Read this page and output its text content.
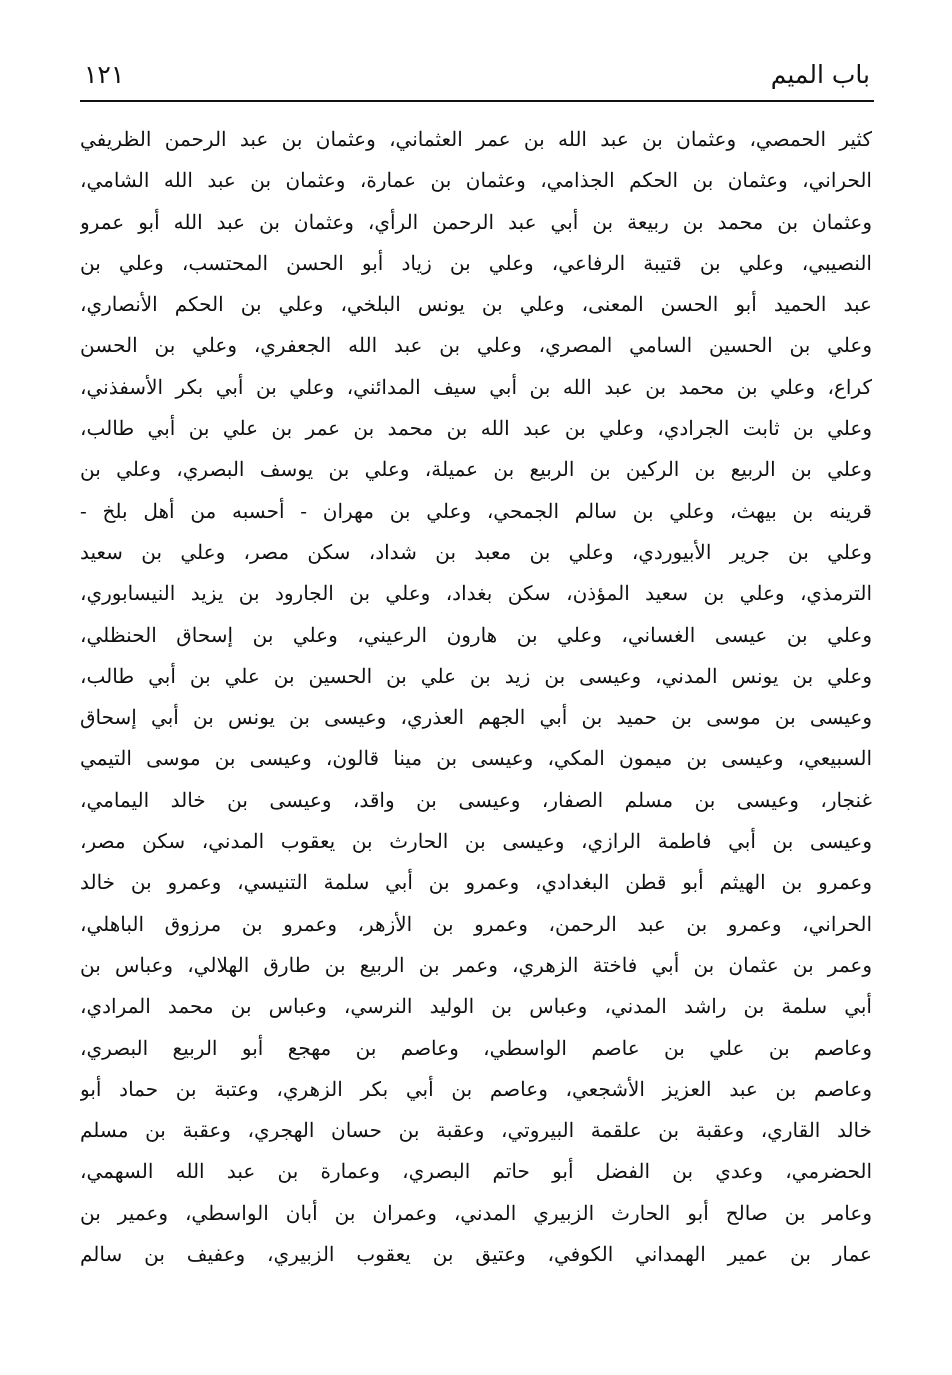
باب الميم
١٢١
كثير الحمصي، وعثمان بن عبد الله بن عمر العثماني، وعثمان بن عبد الرحمن الظريفي
الحراني، وعثمان بن الحكم الجذامي، وعثمان بن عمارة، وعثمان بن عبد الله الشامي،
وعثمان بن محمد بن ربيعة بن أبي عبد الرحمن الرأي، وعثمان بن عبد الله أبو عمرو
النصيبي، وعلي بن قتيبة الرفاعي، وعلي بن زياد أبو الحسن المحتسب، وعلي بن
عبد الحميد أبو الحسن المعنى، وعلي بن يونس البلخي، وعلي بن الحكم الأنصاري،
وعلي بن الحسين السامي المصري، وعلي بن عبد الله الجعفري، وعلي بن الحسن
كراع، وعلي بن محمد بن عبد الله بن أبي سيف المدائني، وعلي بن أبي بكر الأسفذني،
وعلي بن ثابت الجرادي، وعلي بن عبد الله بن محمد بن عمر بن علي بن أبي طالب،
وعلي بن الربيع بن الركين بن الربيع بن عميلة، وعلي بن يوسف البصري، وعلي بن
قرينه بن بيهث، وعلي بن سالم الجمحي، وعلي بن مهران - أحسبه من أهل بلخ -
وعلي بن جرير الأبيوردي، وعلي بن معبد بن شداد، سكن مصر، وعلي بن سعيد
الترمذي، وعلي بن سعيد المؤذن، سكن بغداد، وعلي بن الجارود بن يزيد النيسابوري،
وعلي بن عيسى الغساني، وعلي بن هارون الرعيني، وعلي بن إسحاق الحنظلي،
وعلي بن يونس المدني، وعيسى بن زيد بن علي بن الحسين بن علي بن أبي طالب،
وعيسى بن موسى بن حميد بن أبي الجهم العذري، وعيسى بن يونس بن أبي إسحاق
السبيعي، وعيسى بن ميمون المكي، وعيسى بن مينا قالون، وعيسى بن موسى التيمي
غنجار، وعيسى بن مسلم الصفار، وعيسى بن واقد، وعيسى بن خالد اليمامي،
وعيسى بن أبي فاطمة الرازي، وعيسى بن الحارث بن يعقوب المدني، سكن مصر،
وعمرو بن الهيثم أبو قطن البغدادي، وعمرو بن أبي سلمة التنيسي، وعمرو بن خالد
الحراني، وعمرو بن عبد الرحمن، وعمرو بن الأزهر، وعمرو بن مرزوق الباهلي،
وعمر بن عثمان بن أبي فاختة الزهري، وعمر بن الربيع بن طارق الهلالي، وعباس بن
أبي سلمة بن راشد المدني، وعباس بن الوليد النرسي، وعباس بن محمد المرادي،
وعاصم بن علي بن عاصم الواسطي، وعاصم بن مهجع أبو الربيع البصري،
وعاصم بن عبد العزيز الأشجعي، وعاصم بن أبي بكر الزهري، وعتبة بن حماد أبو
خالد القاري، وعقبة بن علقمة البيروتي، وعقبة بن حسان الهجري، وعقبة بن مسلم
الحضرمي، وعدي بن الفضل أبو حاتم البصري، وعمارة بن عبد الله السهمي،
وعامر بن صالح أبو الحارث الزبيري المدني، وعمران بن أبان الواسطي، وعمير بن
عمار بن عمير الهمداني الكوفي، وعتيق بن يعقوب الزبيري، وعفيف بن سالم
